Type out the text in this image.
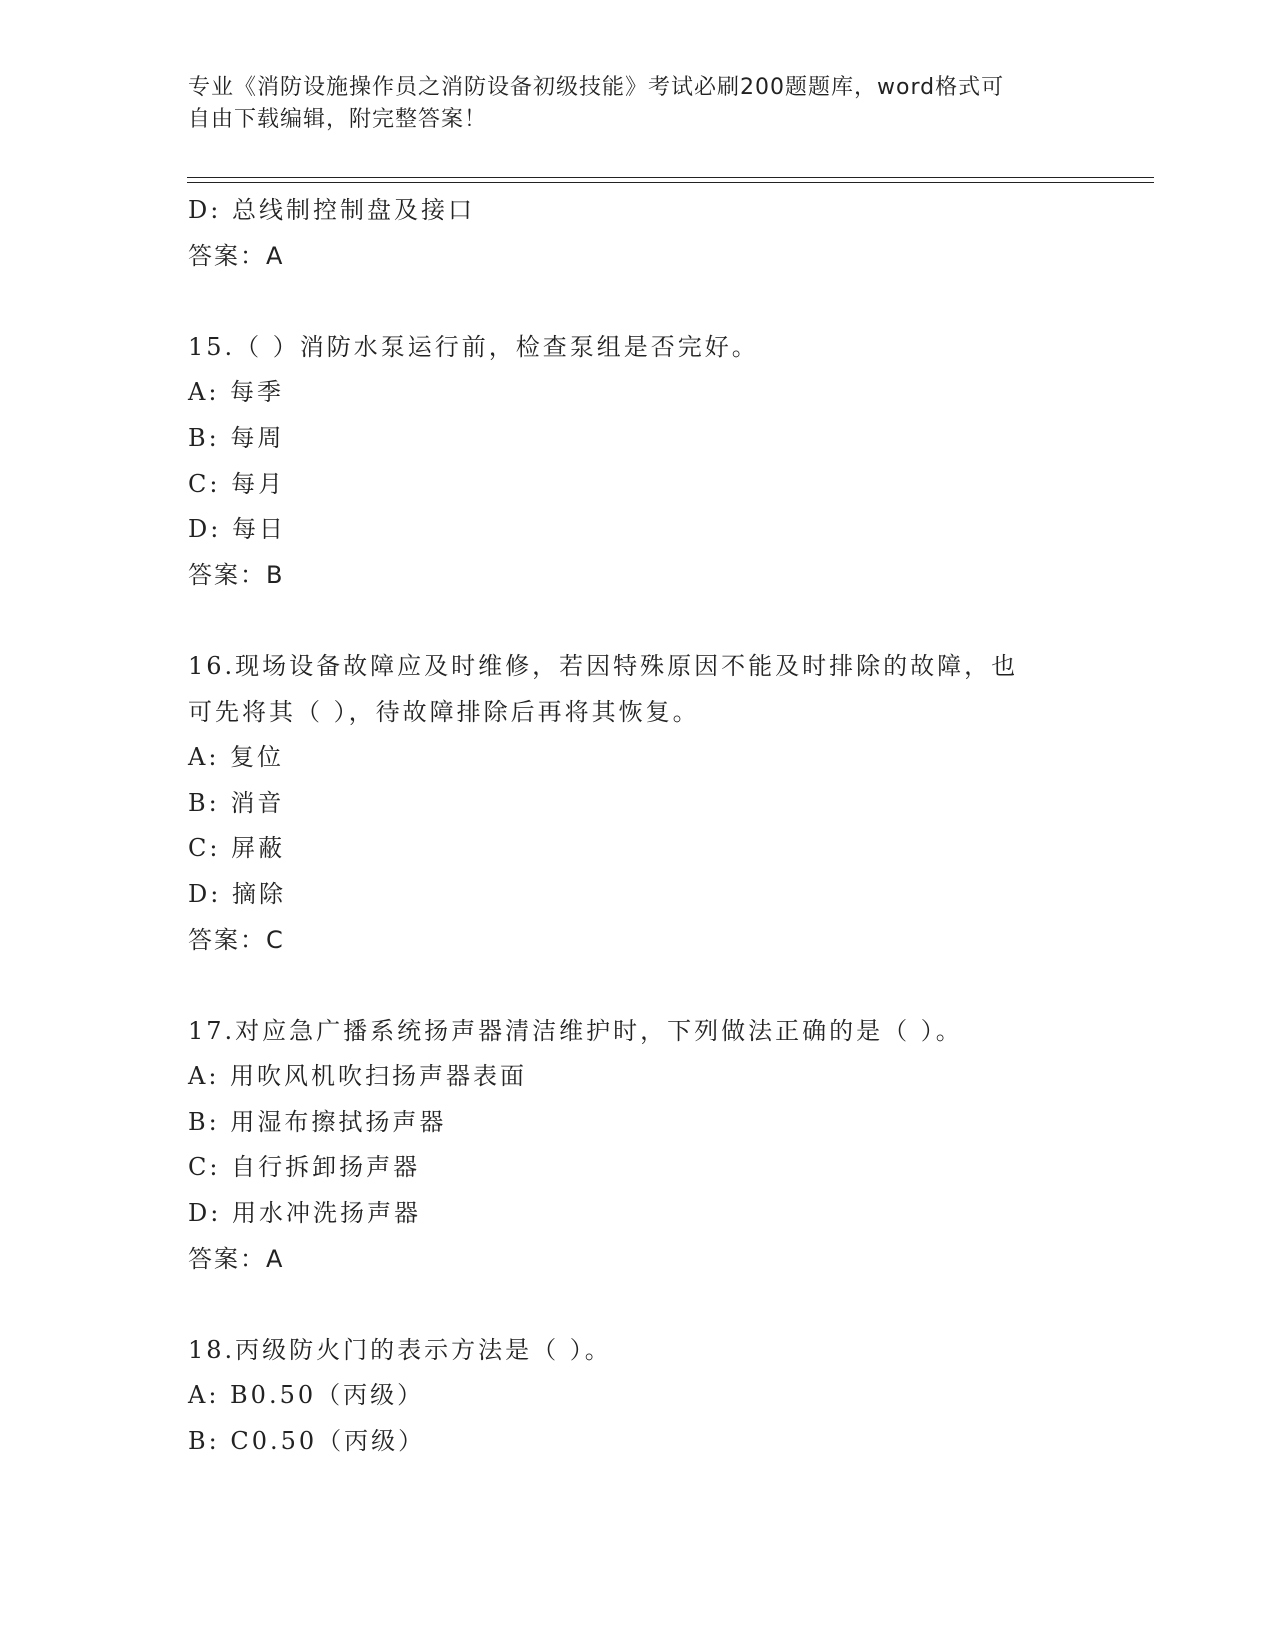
专业《消防设施操作员之消防设备初级技能》考试必刷200题题库，word格式可
自由下载编辑，附完整答案！
D: 总线制控制盘及接口
答案：A
15.（ ）消防水泵运行前，检查泵组是否完好。
A: 每季
B: 每周
C: 每月
D: 每日
答案：B
16.现场设备故障应及时维修，若因特殊原因不能及时排除的故障，也
可先将其（ ），待故障排除后再将其恢复。
A: 复位
B: 消音
C: 屏蔽
D: 摘除
答案：C
17.对应急广播系统扬声器清洁维护时，下列做法正确的是（ ）。
A: 用吹风机吹扫扬声器表面
B: 用湿布擦拭扬声器
C: 自行拆卸扬声器
D: 用水冲洗扬声器
答案：A
18.丙级防火门的表示方法是（ ）。
A: B0.50（丙级）
B: C0.50（丙级）
